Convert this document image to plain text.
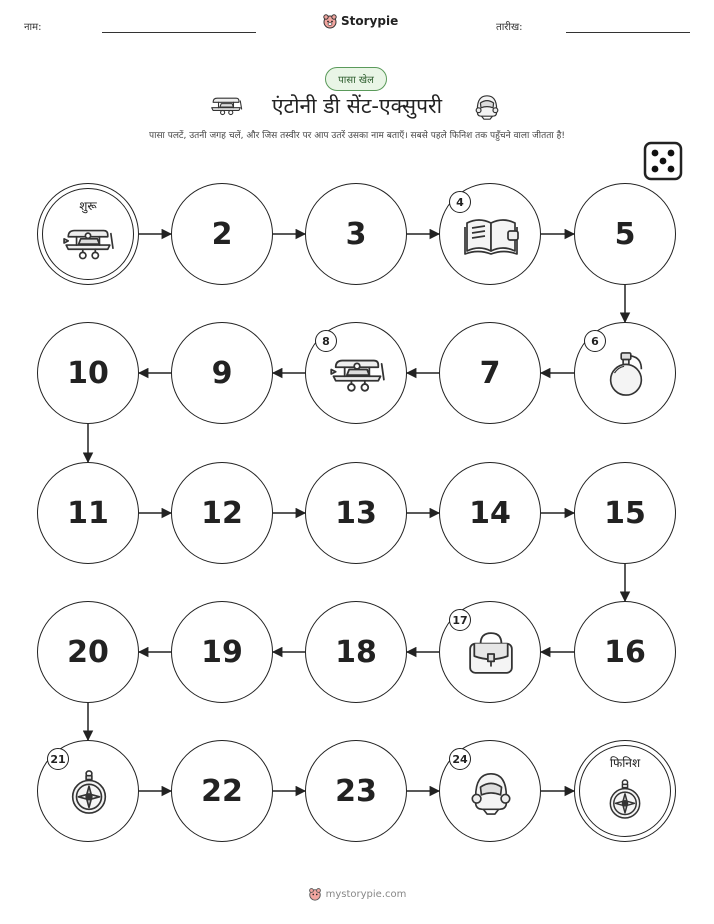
नाम:	Storypie	तारीख:
पासा खेल
एंटोनी डी सेंट-एक्सुपरी
पासा पलटें, उतनी जगह चलें, और जिस तस्वीर पर आप उतरें उसका नाम बताएँ। सबसे पहले फिनिश तक पहुँचने वाला जीतता है!
शुरू
2	3
4
5
6
7
8
9
10
11	12	13	14	15
16
17
18
19
20
21
22	23
24	फिनिश
mystorypie.com
